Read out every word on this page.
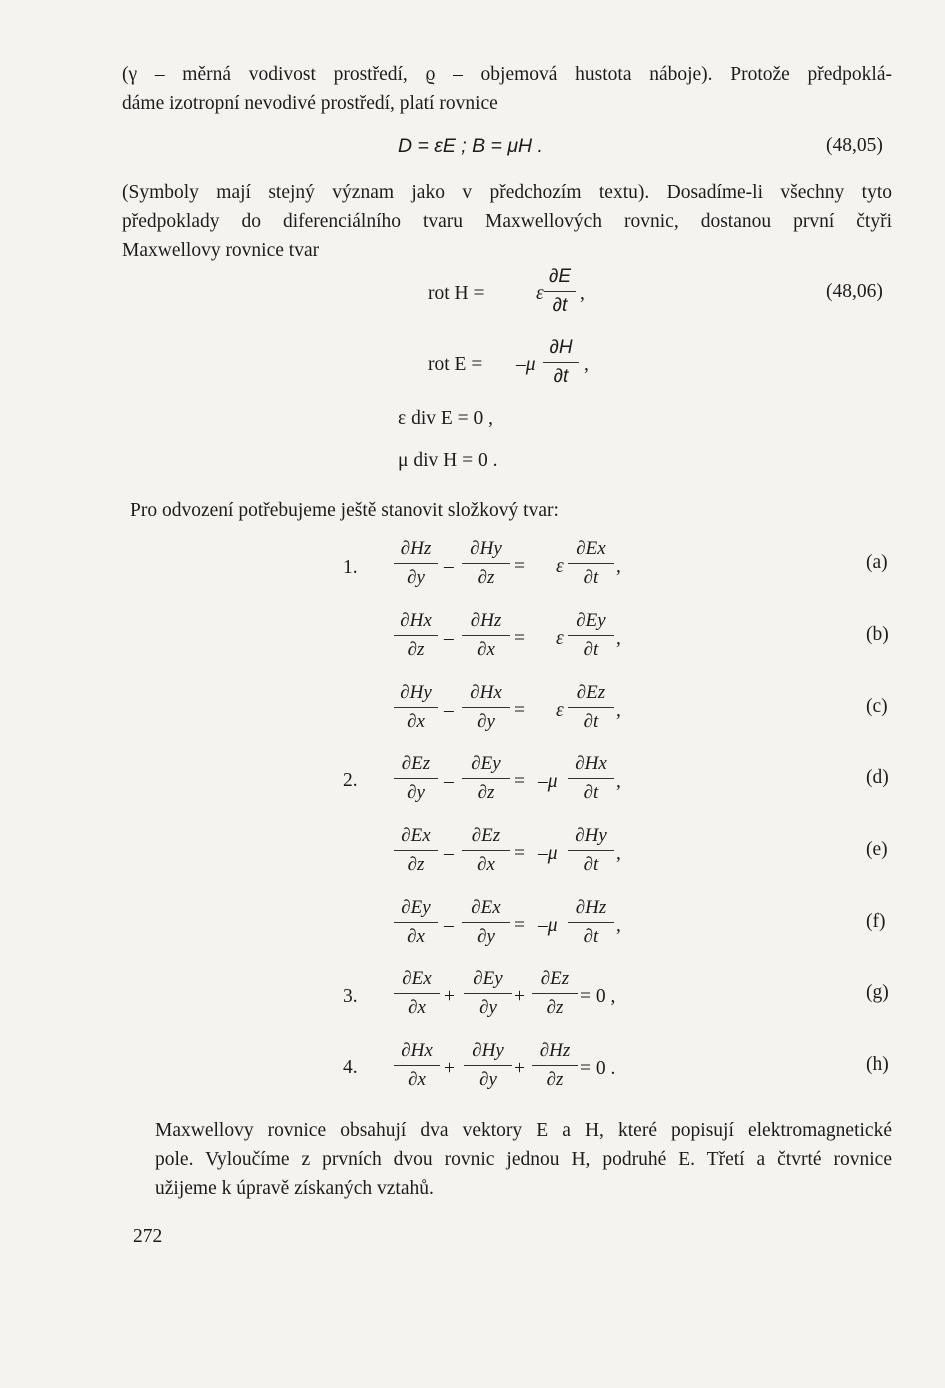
(γ – měrná vodivost prostředí, ϱ – objemová hustota náboje). Protože předpoklá-
dáme izotropní nevodivé prostředí, platí rovnice
D = εE ; B = μH .	(48,05)
(Symboly mají stejný význam jako v předchozím textu). Dosadíme-li všechny tyto
předpoklady do diferenciálního tvaru Maxwellových rovnic, dostanou první čtyři
Maxwellovy rovnice tvar
(48,06)
rot H =	ε $\frac{\partial E}{\partial t}$ ,
rot $E = -\mu \frac{\partial H}{\partial t}$ ,
ε div E = 0 ,
μ div H = 0 .
Pro odvození potřebujeme ještě stanovit složkový tvar:
1.
2.
3.
4.
$\frac{\partial Hz}{\partial y} - \frac{\partial Hy}{\partial z} = \varepsilon \frac{\partial Ex}{\partial t}$ ,	(a)
$\frac{\partial Hx}{\partial z} - \frac{\partial Hz}{\partial x} = \varepsilon \frac{\partial Ey}{\partial t}$ ,	(b)
$\frac{\partial Hy}{\partial x} - \frac{\partial Hx}{\partial y} = \varepsilon \frac{\partial Ez}{\partial t}$ ,	(c)
$\frac{\partial Ez}{\partial y} - \frac{\partial Ey}{\partial z} = -\mu \frac{\partial Hx}{\partial t}$ ,	(d)
$\frac{\partial Ex}{\partial z} - \frac{\partial Ez}{\partial x} = -\mu \frac{\partial Hy}{\partial t}$ ,	(e)
$\frac{\partial Ey}{\partial x} - \frac{\partial Ex}{\partial y} = -\mu \frac{\partial Hz}{\partial t}$ ,	(f)
$\frac{\partial Ex}{\partial x} + \frac{\partial Ey}{\partial y} + \frac{\partial Ez}{\partial z} = 0$ ,	(g)
$\frac{\partial Hx}{\partial x} + \frac{\partial Hy}{\partial y} + \frac{\partial Hz}{\partial z} = 0$ .	(h)
Maxwellovy rovnice obsahují dva vektory E a H, které popisují elektromagnetické
pole. Vyloučíme z prvních dvou rovnic jednou H, podruhé E. Třetí a čtvrté rovnice
užijeme k úpravě získaných vztahů.
272
